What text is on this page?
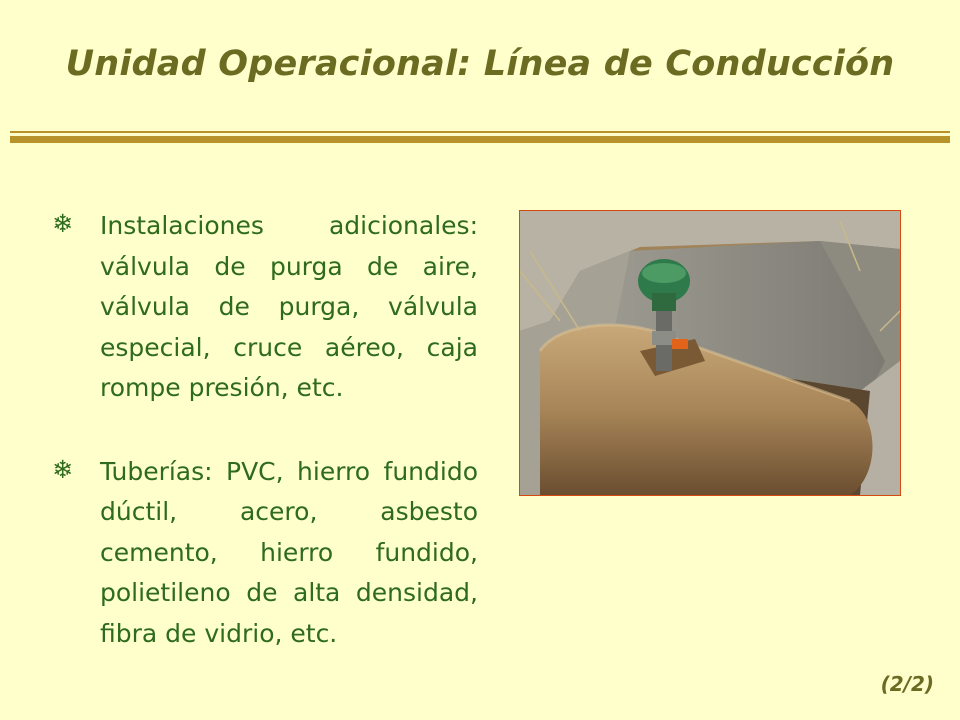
Unidad Operacional: Línea de Conducción
❄ Instalaciones adicionales: válvula de purga de aire, válvula de purga, válvula especial, cruce aéreo, caja rompe presión, etc.
❄ Tuberías: PVC, hierro fundido dúctil, acero, asbesto cemento, hierro fundido, polietileno de alta densidad, fibra de vidrio, etc.
(2/2)
